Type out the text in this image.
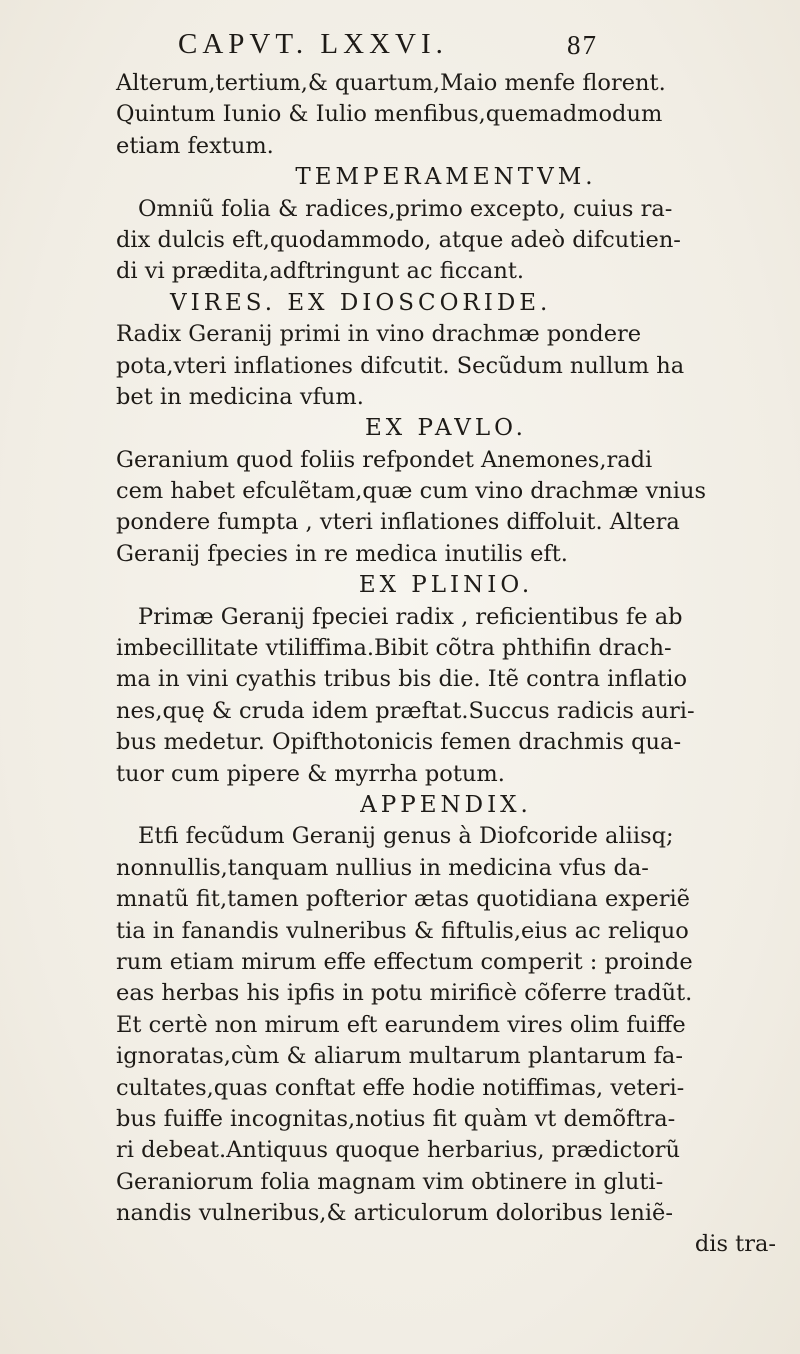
CAPVT. LXXVI.	87
Alterum,tertium,& quartum,Maio menfe florent.
Quintum Iunio & Iulio menfibus,quemadmodum
etiam fextum.
TEMPERAMENTVM.
Omniũ folia & radices,primo excepto, cuius ra-
dix dulcis eft,quodammodo, atque adeò difcutien-
di vi prædita,adftringunt ac ficcant.
VIRES. EX DIOSCORIDE.
Radix Geranij primi in vino drachmæ pondere
pota,vteri inflationes difcutit. Secũdum nullum ha
bet in medicina vfum.
EX PAVLO.
Geranium quod foliis refpondet Anemones,radi
cem habet efculẽtam,quæ cum vino drachmæ vnius
pondere fumpta , vteri inflationes diffoluit. Altera
Geranij fpecies in re medica inutilis eft.
EX PLINIO.
Primæ Geranij fpeciei radix , reficientibus fe ab
imbecillitate vtiliffima.Bibit cõtra phthifin drach-
ma in vini cyathis tribus bis die. Itẽ contra inflatio
nes,quę & cruda idem præftat.Succus radicis auri-
bus medetur. Opifthotonicis femen drachmis qua-
tuor cum pipere & myrrha potum.
APPENDIX.
Etfi fecũdum Geranij genus à Diofcoride aliisq;
nonnullis,tanquam nullius in medicina vfus da-
mnatũ fit,tamen pofterior ætas quotidiana experiẽ
tia in fanandis vulneribus & fiftulis,eius ac reliquo
rum etiam mirum effe effectum comperit : proinde
eas herbas his ipfis in potu mirificè cõferre tradũt.
Et certè non mirum eft earundem vires olim fuiffe
ignoratas,cùm & aliarum multarum plantarum fa-
cultates,quas conftat effe hodie notiffimas, veteri-
bus fuiffe incognitas,notius fit quàm vt demõftra-
ri debeat.Antiquus quoque herbarius, prædictorũ
Geraniorum folia magnam vim obtinere in gluti-
nandis vulneribus,& articulorum doloribus leniẽ-
dis tra-
